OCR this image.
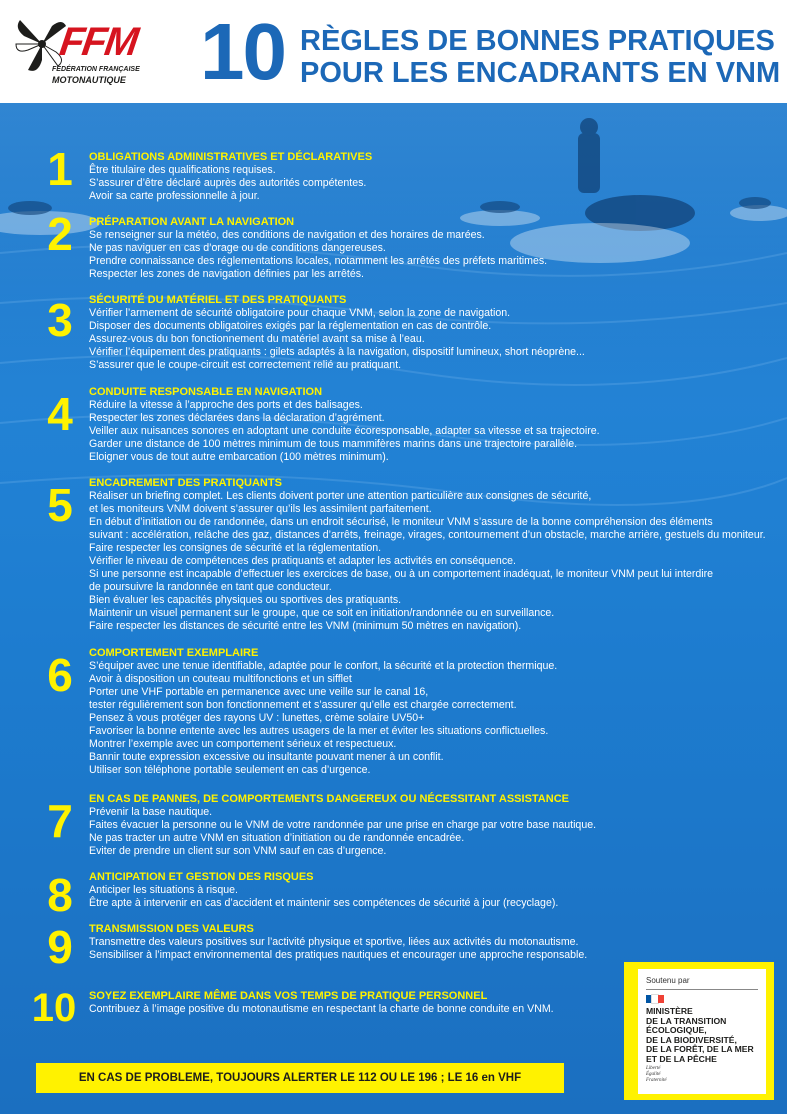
FFM
FÉDÉRATION FRANÇAISE
MOTONAUTIQUE 10 RÈGLES DE BONNES PRATIQUES
POUR LES ENCADRANTS EN VNM
1	OBLIGATIONS ADMINISTRATIVES ET DÉCLARATIVES
Être titulaire des qualifications requises.
S’assurer d’être déclaré auprès des autorités compétentes.
Avoir sa carte professionnelle à jour.
2	PRÉPARATION AVANT LA NAVIGATION
Se renseigner sur la météo, des conditions de navigation et des horaires de marées.
Ne pas naviguer en cas d’orage ou de conditions dangereuses.
Prendre connaissance des réglementations locales, notamment les arrêtés des préfets maritimes.
Respecter les zones de navigation définies par les arrêtés.
3	SÉCURITÉ DU MATÉRIEL ET DES PRATIQUANTS
Vérifier l’armement de sécurité obligatoire pour chaque VNM, selon la zone de navigation.
Disposer des documents obligatoires exigés par la réglementation en cas de contrôle.
Assurez-vous du bon fonctionnement du matériel avant sa mise à l’eau.
Vérifier l’équipement des pratiquants : gilets adaptés à la navigation, dispositif lumineux, short néoprène...
S’assurer que le coupe-circuit est correctement relié au pratiquant.
4	CONDUITE RESPONSABLE EN NAVIGATION
Réduire la vitesse à l’approche des ports et des balisages.
Respecter les zones déclarées dans la déclaration d’agrément.
Veiller aux nuisances sonores en adoptant une conduite écoresponsable, adapter sa vitesse et sa trajectoire.
Garder une distance de 100 mètres minimum de tous mammifères marins dans une trajectoire parallèle.
Eloigner vous de tout autre embarcation (100 mètres minimum).
5	ENCADREMENT DES PRATIQUANTS
Réaliser un briefing complet. Les clients doivent porter une attention particulière aux consignes de sécurité,
et les moniteurs VNM doivent s’assurer qu’ils les assimilent parfaitement.
En début d’initiation ou de randonnée, dans un endroit sécurisé, le moniteur VNM s’assure de la bonne compréhension des éléments
suivant : accélération, relâche des gaz, distances d’arrêts, freinage, virages, contournement d’un obstacle, marche arrière, gestuels du moniteur.
Faire respecter les consignes de sécurité et la réglementation.
Vérifier le niveau de compétences des pratiquants et adapter les activités en conséquence.
Si une personne est incapable d’effectuer les exercices de base, ou à un comportement inadéquat, le moniteur VNM peut lui interdire
de poursuivre la randonnée en tant que conducteur.
Bien évaluer les capacités physiques ou sportives des pratiquants.
Maintenir un visuel permanent sur le groupe, que ce soit en initiation/randonnée ou en surveillance.
Faire respecter les distances de sécurité entre les VNM (minimum 50 mètres en navigation).
6	COMPORTEMENT EXEMPLAIRE
S’équiper avec une tenue identifiable, adaptée pour le confort, la sécurité et la protection thermique.
Avoir à disposition un couteau multifonctions et un sifflet
Porter une VHF portable en permanence avec une veille sur le canal 16,
tester régulièrement son bon fonctionnement et s’assurer qu’elle est chargée correctement.
Pensez à vous protéger des rayons UV : lunettes, crème solaire UV50+
Favoriser la bonne entente avec les autres usagers de la mer et éviter les situations conflictuelles.
Montrer l’exemple avec un comportement sérieux et respectueux.
Bannir toute expression excessive ou insultante pouvant mener à un conflit.
Utiliser son téléphone portable seulement en cas d’urgence.
7	EN CAS DE PANNES, DE COMPORTEMENTS DANGEREUX OU NÉCESSITANT ASSISTANCE
Prévenir la base nautique.
Faites évacuer la personne ou le VNM de votre randonnée par une prise en charge par votre base nautique.
Ne pas tracter un autre VNM en situation d’initiation ou de randonnée encadrée.
Eviter de prendre un client sur son VNM sauf en cas d’urgence.
8	ANTICIPATION ET GESTION DES RISQUES
Anticiper les situations à risque.
Être apte à intervenir en cas d’accident et maintenir ses compétences de sécurité à jour (recyclage).
9	TRANSMISSION DES VALEURS
Transmettre des valeurs positives sur l’activité physique et sportive, liées aux activités du motonautisme.
Sensibiliser à l’impact environnemental des pratiques nautiques et encourager une approche responsable.
10	SOYEZ EXEMPLAIRE MÊME DANS VOS TEMPS DE PRATIQUE PERSONNEL
Contribuez à l’image positive du motonautisme en respectant la charte de bonne conduite en VNM.
EN CAS DE PROBLEME, TOUJOURS ALERTER LE 112 OU LE 196 ; LE 16 en VHF
Soutenu par
MINISTÈRE
DE LA TRANSITION
ÉCOLOGIQUE,
DE LA BIODIVERSITÉ,
DE LA FORÊT, DE LA MER
ET DE LA PÊCHE
Liberté
Égalité
Fraternité
